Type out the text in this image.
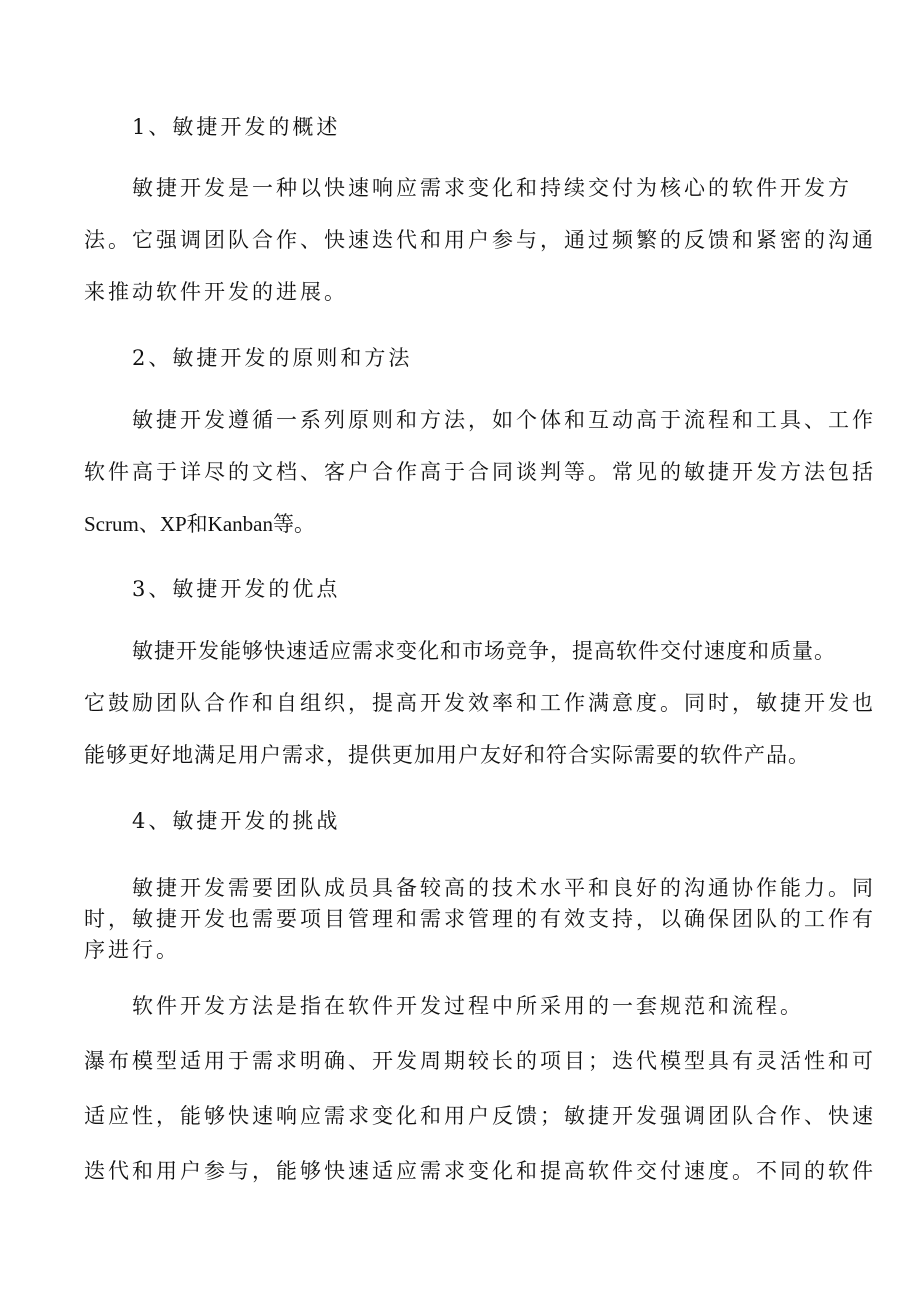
1、敏捷开发的概述
敏捷开发是一种以快速响应需求变化和持续交付为核心的软件开发方
法。它强调团队合作、快速迭代和用户参与，通过频繁的反馈和紧密的沟通
来推动软件开发的进展。
2、敏捷开发的原则和方法
敏捷开发遵循一系列原则和方法，如个体和互动高于流程和工具、工作
软件高于详尽的文档、客户合作高于合同谈判等。常见的敏捷开发方法包括
Scrum、XP和Kanban等。
3、敏捷开发的优点
敏捷开发能够快速适应需求变化和市场竞争，提高软件交付速度和质量。
它鼓励团队合作和自组织，提高开发效率和工作满意度。同时，敏捷开发也
能够更好地满足用户需求，提供更加用户友好和符合实际需要的软件产品。
4、敏捷开发的挑战
敏捷开发需要团队成员具备较高的技术水平和良好的沟通协作能力。同
时，敏捷开发也需要项目管理和需求管理的有效支持，以确保团队的工作有
序进行。
软件开发方法是指在软件开发过程中所采用的一套规范和流程。
瀑布模型适用于需求明确、开发周期较长的项目；迭代模型具有灵活性和可
适应性，能够快速响应需求变化和用户反馈；敏捷开发强调团队合作、快速
迭代和用户参与，能够快速适应需求变化和提高软件交付速度。不同的软件
